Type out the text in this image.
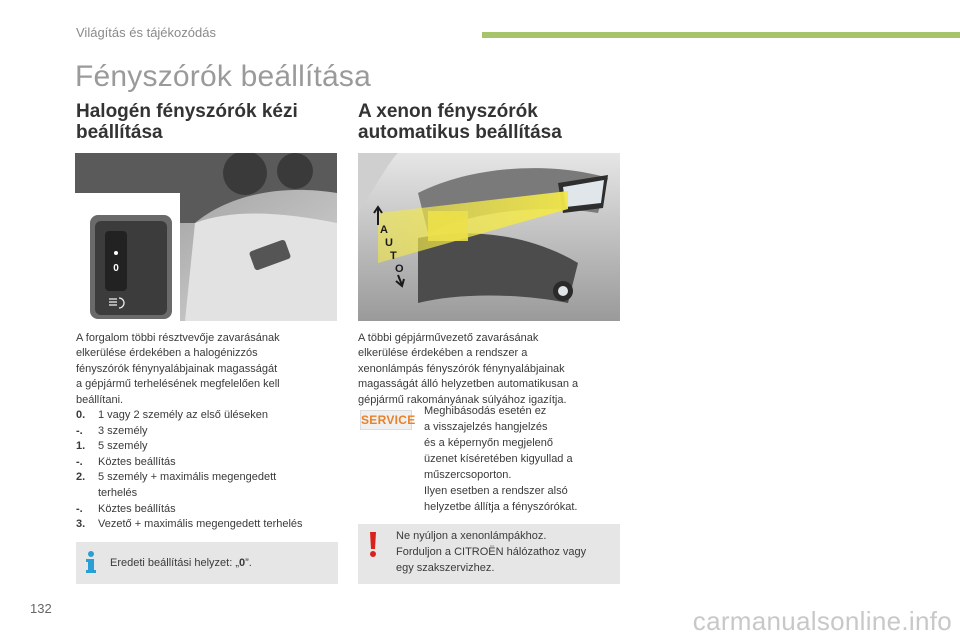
Világítás és tájékozódás
Fényszórók beállítása
Halogén fényszórók kézi
beállítása
0

A forgalom többi résztvevője zavarásának

elkerülése érdekében a halogénizzós

fényszórók fénynyalábjainak magasságát

a gépjármű terhelésének megfelelően kell

beállítani.

0.	1 vagy 2 személy az első üléseken
-.	3 személy
1.	5 személy
-.	Köztes beállítás
2.	5 személy + maximális megengedett
terhelés
-.	Köztes beállítás
3.	Vezető + maximális megengedett terhelés
Eredeti beállítási helyzet: „0”.
A xenon fényszórók
automatikus beállítása
A
U
T
O

A többi gépjárművezető zavarásának

elkerülése érdekében a rendszer a

xenonlámpás fényszórók fénynyalábjainak

magasságát álló helyzetben automatikusan a

gépjármű rakományának súlyához igazítja.

SERVICE
Meghibásodás esetén ez
a visszajelzés hangjelzés
és a képernyőn megjelenő
üzenet kíséretében kigyullad a
műszercsoporton.
Ilyen esetben a rendszer alsó
helyzetbe állítja a fényszórókat.
Ne nyúljon a xenonlámpákhoz.
Forduljon a CITROËN hálózathoz vagy
egy szakszervizhez.
132	carmanualsonline.info
